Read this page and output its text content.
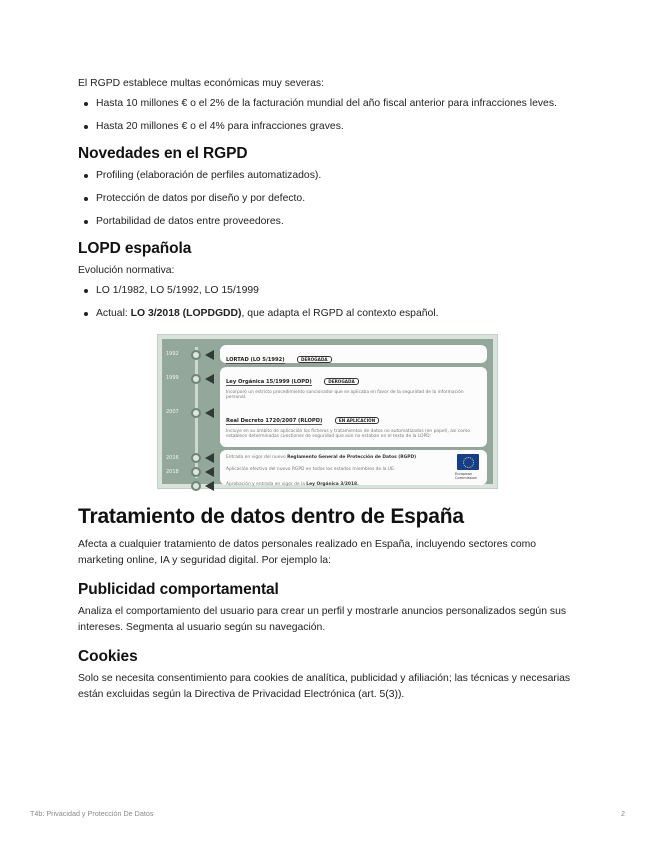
El RGPD establece multas económicas muy severas:

Hasta 10 millones € o el 2% de la facturación mundial del año fiscal anterior para infracciones leves.
Hasta 20 millones € o el 4% para infracciones graves.
Novedades en el RGPD
Profiling (elaboración de perfiles automatizados).
Protección de datos por diseño y por defecto.
Portabilidad de datos entre proveedores.
LOPD española

Evolución normativa:

LO 1/1982, LO 5/1992, LO 15/1999
Actual: LO 3/2018 (LOPDGDD), que adapta el RGPD al contexto español.
1992
1999
2007
2016
2018
LORTAD (LO 5/1992)	DEROGADA
Ley Orgánica 15/1999 (LOPD)	DEROGADA
Incorporó un estricto procedimiento sancionador que se aplicaba en favor de la seguridad de la información personal.
Real Decreto 1720/2007 (RLOPD)	EN APLICACIÓN
Incluye en su ámbito de aplicación los ficheros y tratamientos de datos no automatizados (en papel), así como establece determinadas cuestiones de seguridad que aún no estaban en el texto de la LOPD.
Entrada en vigor del nuevo Reglamento General de Protección de Datos (RGPD)
Aplicación efectiva del nuevo RGPD en todos los estados miembros de la UE.
European Commission
Aprobación y entrada en vigor de la Ley Orgánica 3/2018.
Tratamiento de datos dentro de España

Afecta a cualquier tratamiento de datos personales realizado en España, incluyendo sectores como marketing online, IA y seguridad digital. Por ejemplo la:

Publicidad comportamental

Analiza el comportamiento del usuario para crear un perfil y mostrarle anuncios personalizados según sus intereses. Segmenta al usuario según su navegación.

Cookies

Solo se necesita consentimiento para cookies de analítica, publicidad y afiliación; las técnicas y necesarias están excluidas según la Directiva de Privacidad Electrónica (art. 5(3)).

T4b: Privacidad y Protección De Datos	2
